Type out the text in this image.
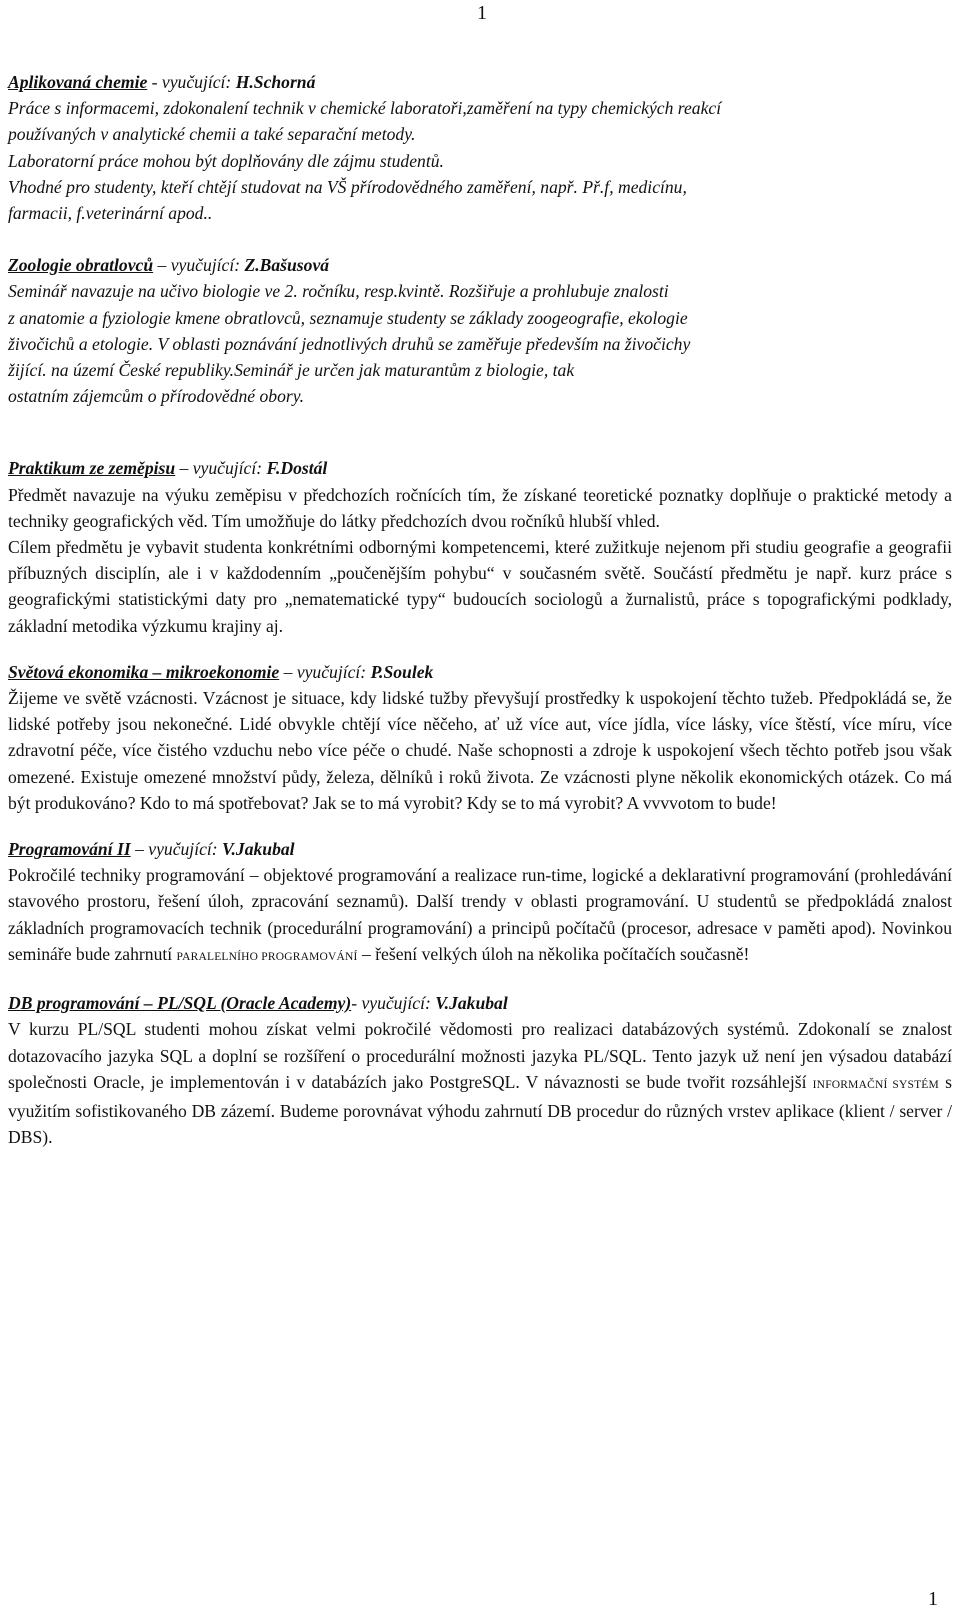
1

Aplikovaná chemie - vyučující: H.Schorná

Práce s informacemi, zdokonalení technik v chemické laboratoři,zaměření na typy chemických reakcí

používaných v analytické chemii a také separační metody.

Laboratorní práce mohou být doplňovány dle zájmu studentů.

Vhodné pro studenty, kteří chtějí studovat na VŠ přírodovědného zaměření, např. Př.f, medicínu,

farmacii, f.veterinární apod..

Zoologie obratlovců – vyučující: Z.Bašusová

Seminář navazuje na učivo biologie ve 2. ročníku, resp.kvintě. Rozšiřuje a prohlubuje znalosti

z anatomie a fyziologie kmene obratlovců, seznamuje studenty se základy zoogeografie, ekologie

živočichů a etologie. V oblasti poznávání jednotlivých druhů se zaměřuje především na živočichy

žijící. na území České republiky.Seminář je určen jak maturantům z biologie, tak

ostatním zájemcům o přírodovědné obory.

Praktikum ze zeměpisu – vyučující: F.Dostál

Předmět navazuje na výuku zeměpisu v předchozích ročnících tím, že získané teoretické poznatky doplňuje o praktické metody a techniky geografických věd. Tím umožňuje do látky předchozích dvou ročníků hlubší vhled.

Cílem předmětu je vybavit studenta konkrétními odbornými kompetencemi, které zužitkuje nejenom při studiu geografie a geografii příbuzných disciplín, ale i v každodenním „poučenějším pohybu“ v současném světě. Součástí předmětu je např. kurz práce s geografickými statistickými daty pro „nematematické typy“ budoucích sociologů a žurnalistů, práce s topografickými podklady, základní metodika výzkumu krajiny aj.

Světová ekonomika – mikroekonomie – vyučující: P.Soulek

Žijeme ve světě vzácnosti. Vzácnost je situace, kdy lidské tužby převyšují prostředky k uspokojení těchto tužeb. Předpokládá se, že lidské potřeby jsou nekonečné. Lidé obvykle chtějí více něčeho, ať už více aut, více jídla, více lásky, více štěstí, více míru, více zdravotní péče, více čistého vzduchu nebo více péče o chudé. Naše schopnosti a zdroje k uspokojení všech těchto potřeb jsou však omezené. Existuje omezené množství půdy, železa, dělníků i roků života. Ze vzácnosti plyne několik ekonomických otázek. Co má být produkováno? Kdo to má spotřebovat? Jak se to má vyrobit? Kdy se to má vyrobit? A vvvvotom to bude!

Programování II – vyučující: V.Jakubal

Pokročilé techniky programování – objektové programování a realizace run-time, logické a deklarativní programování (prohledávání stavového prostoru, řešení úloh, zpracování seznamů). Další trendy v oblasti programování. U studentů se předpokládá znalost základních programovacích technik (procedurální programování) a principů počítačů (procesor, adresace v paměti apod). Novinkou semináře bude zahrnutí PARALELNÍHO PROGRAMOVÁNÍ – řešení velkých úloh na několika počítačích současně!

DB programování – PL/SQL (Oracle Academy)- vyučující: V.Jakubal

V kurzu PL/SQL studenti mohou získat velmi pokročilé vědomosti pro realizaci databázových systémů. Zdokonalí se znalost dotazovacího jazyka SQL a doplní se rozšíření o procedurální možnosti jazyka PL/SQL. Tento jazyk už není jen výsadou databází společnosti Oracle, je implementován i v databázích jako PostgreSQL. V návaznosti se bude tvořit rozsáhlejší INFORMAČNÍ SYSTÉM s využitím sofistikovaného DB zázemí. Budeme porovnávat výhodu zahrnutí DB procedur do různých vrstev aplikace (klient / server / DBS).

1
